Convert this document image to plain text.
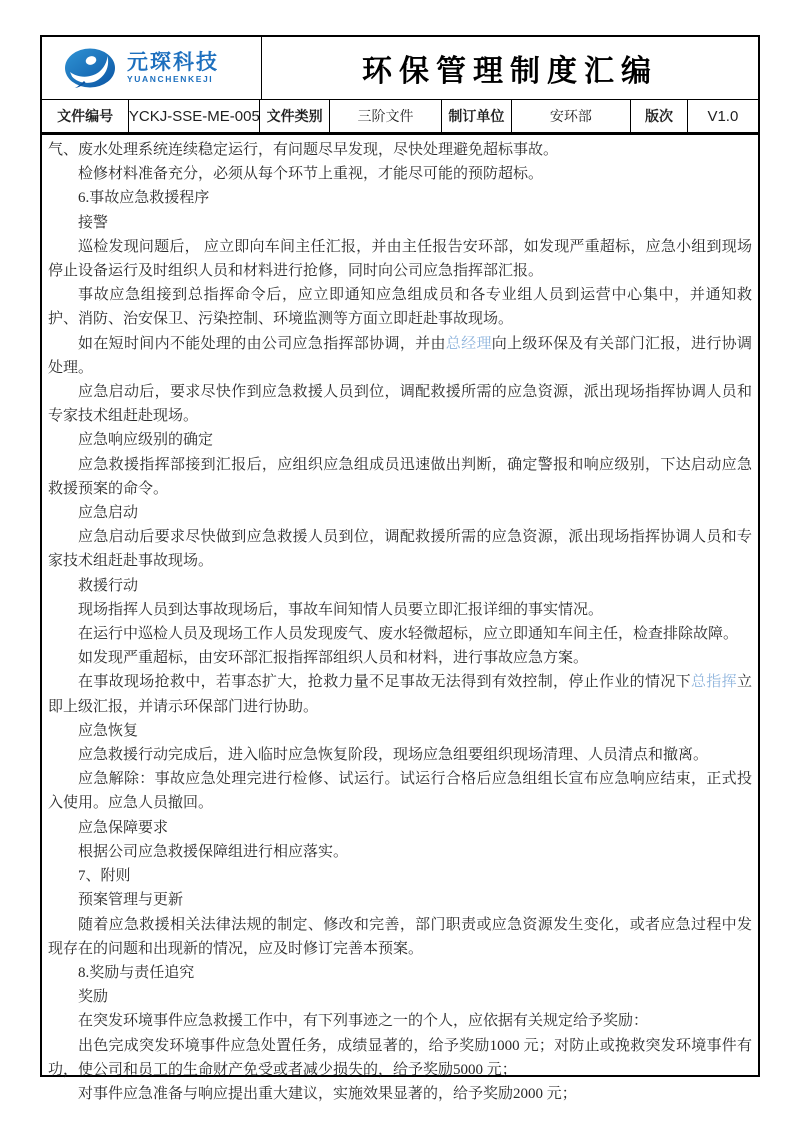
元琛科技
YUANCHENKEJI	环保管理制度汇编
文件编号	YCKJ-SSE-ME-005 文件类别	三阶文件	制订单位	安环部	版次	V1.0

气、废水处理系统连续稳定运行，有问题尽早发现，尽快处理避免超标事故。

检修材料准备充分，必须从每个环节上重视，才能尽可能的预防超标。

6.事故应急救援程序

接警

巡检发现问题后， 应立即向车间主任汇报，并由主任报告安环部，如发现严重超标，应急小组到现场停止设备运行及时组织人员和材料进行抢修，同时向公司应急指挥部汇报。

事故应急组接到总指挥命令后，应立即通知应急组成员和各专业组人员到运营中心集中，并通知救护、消防、治安保卫、污染控制、环境监测等方面立即赶赴事故现场。

如在短时间内不能处理的由公司应急指挥部协调，并由总经理向上级环保及有关部门汇报，进行协调处理。

应急启动后，要求尽快作到应急救援人员到位，调配救援所需的应急资源，派出现场指挥协调人员和专家技术组赶赴现场。

应急响应级别的确定

应急救援指挥部接到汇报后，应组织应急组成员迅速做出判断，确定警报和响应级别，下达启动应急救援预案的命令。

应急启动

应急启动后要求尽快做到应急救援人员到位，调配救援所需的应急资源，派出现场指挥协调人员和专家技术组赶赴事故现场。

救援行动

现场指挥人员到达事故现场后，事故车间知情人员要立即汇报详细的事实情况。

在运行中巡检人员及现场工作人员发现废气、废水轻微超标，应立即通知车间主任，检查排除故障。

如发现严重超标，由安环部汇报指挥部组织人员和材料，进行事故应急方案。

在事故现场抢救中，若事态扩大，抢救力量不足事故无法得到有效控制，停止作业的情况下总指挥立即上级汇报，并请示环保部门进行协助。

应急恢复

应急救援行动完成后，进入临时应急恢复阶段，现场应急组要组织现场清理、人员清点和撤离。

应急解除：事故应急处理完进行检修、试运行。试运行合格后应急组组长宣布应急响应结束，正式投入使用。应急人员撤回。

应急保障要求

根据公司应急救援保障组进行相应落实。

7、附则

预案管理与更新

随着应急救援相关法律法规的制定、修改和完善，部门职责或应急资源发生变化，或者应急过程中发现存在的问题和出现新的情况，应及时修订完善本预案。

8.奖励与责任追究

奖励

在突发环境事件应急救援工作中，有下列事迹之一的个人，应依据有关规定给予奖励：

出色完成突发环境事件应急处置任务，成绩显著的，给予奖励1000 元；对防止或挽救突发环境事件有功，使公司和员工的生命财产免受或者减少损失的，给予奖励5000 元；

对事件应急准备与响应提出重大建议，实施效果显著的，给予奖励2000 元；
